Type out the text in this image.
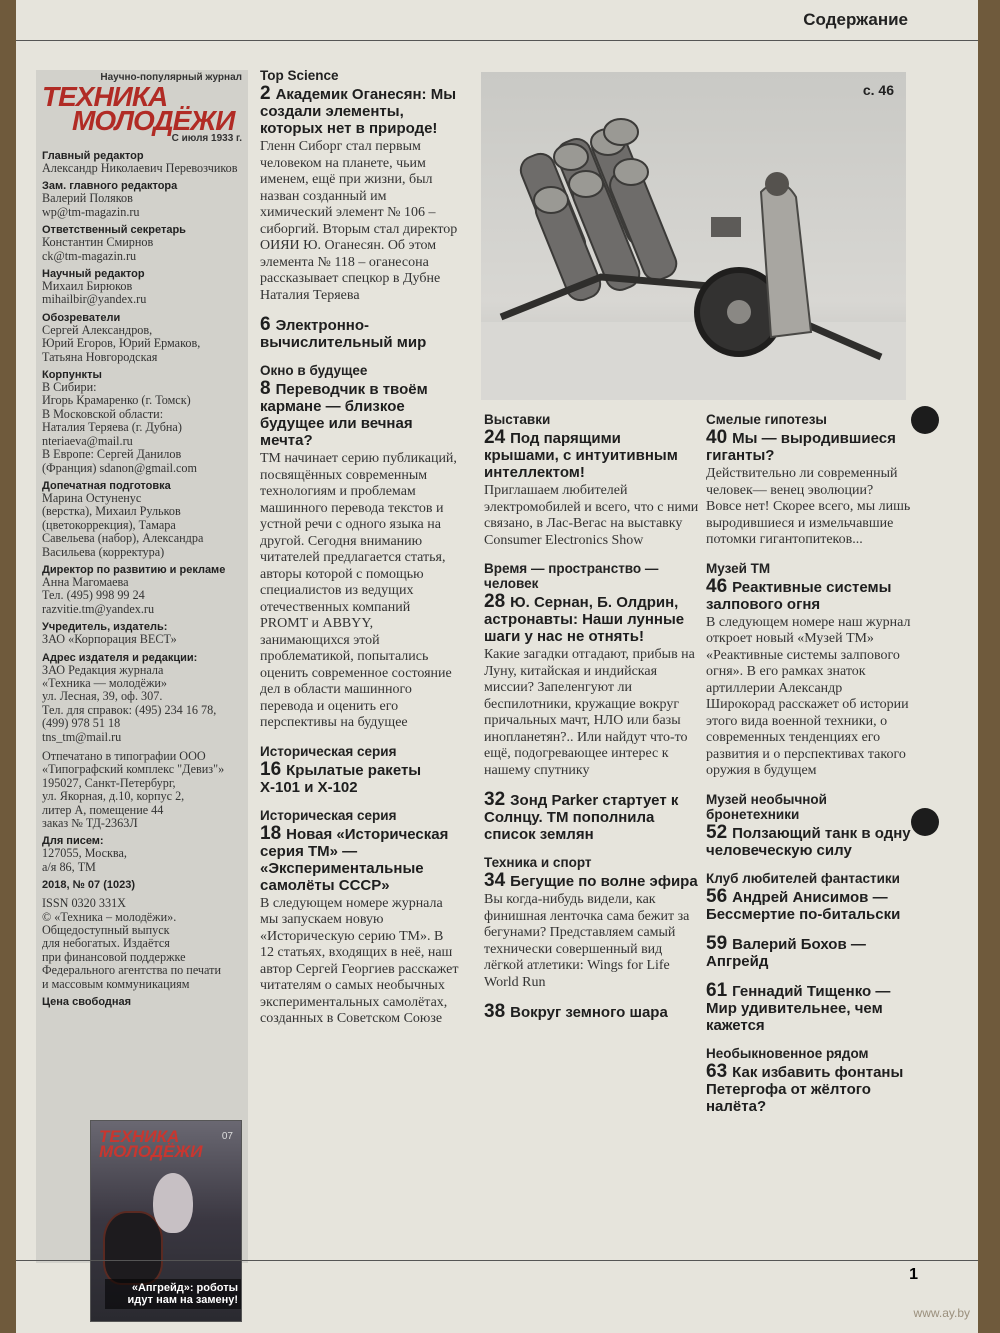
Содержание
Научно-популярный журнал
ТЕХНИКА
МОЛОДЁЖИ
С июля 1933 г.
Главный редактор
Александр Николаевич Перевозчиков
Зам. главного редактора
Валерий Поляков
wp@tm-magazin.ru
Ответственный секретарь
Константин Смирнов
ck@tm-magazin.ru
Научный редактор
Михаил Бирюков
mihailbir@yandex.ru
Обозреватели
Сергей Александров,
Юрий Егоров, Юрий Ермаков,
Татьяна Новгородская
Корпункты
В Сибири:
Игорь Крамаренко (г. Томск)
В Московской области:
Наталия Теряева (г. Дубна)
nteriaeva@mail.ru
В Европе: Сергей Данилов
(Франция) sdanon@gmail.com
Допечатная подготовка
Марина Остуненус
(верстка), Михаил Рульков
(цветокоррекция), Тамара
Савельева (набор), Александра
Васильева (корректура)
Директор по развитию и рекламе
Анна Магомаева
Тел. (495) 998 99 24
razvitie.tm@yandex.ru
Учредитель, издатель:
ЗАО «Корпорация ВЕСТ»
Адрес издателя и редакции:
ЗАО Редакция журнала
«Техника — молодёжи»
ул. Лесная, 39, оф. 307.
Тел. для справок: (495) 234 16 78,
(499) 978 51 18
tns_tm@mail.ru
Отпечатано в типографии ООО
«Типографский комплекс "Девиз"»
195027, Санкт-Петербург,
ул. Якорная, д.10, корпус 2,
литер А, помещение 44
заказ № ТД-2363Л
Для писем:
127055, Москва,
а/я 86, ТМ
2018, № 07 (1023)
ISSN 0320 331X
© «Техника – молодёжи».
Общедоступный выпуск
для небогатых. Издаётся
при финансовой поддержке
Федерального агентства по печати
и массовым коммуникациям
Цена свободная
ТЕХНИКА МОЛОДЁЖИ
07
«Апгрейд»: роботы идут нам на замену!
с. 46
Top Science
2 Академик Оганесян: Мы создали элементы, которых нет в природе!
Гленн Сиборг стал первым человеком на планете, чьим именем, ещё при жизни, был назван созданный им химический элемент № 106 – сиборгий. Вторым стал директор ОИЯИ Ю. Оганесян. Об этом элемента № 118 – оганесона рассказывает спецкор в Дубне Наталия Теряева
6 Электронно-вычислительный мир
Окно в будущее
8 Переводчик в твоём кармане — близкое будущее или вечная мечта?
ТМ начинает серию публикаций, посвящённых современным технологиям и проблемам машинного перевода текстов и устной речи с одного языка на другой. Сегодня вниманию читателей предлагается статья, авторы которой с помощью специалистов из ведущих отечественных компаний PROMT и ABBYY, занимающихся этой проблематикой, попытались оценить современное состояние дел в области машинного перевода и оценить его перспективы на будущее
Историческая серия
16 Крылатые ракеты Х-101 и Х-102
Историческая серия
18 Новая «Историческая серия ТМ» — «Экспериментальные самолёты СССР»
В следующем номере журнала мы запускаем новую «Историческую серию ТМ». В 12 статьях, входящих в неё, наш автор Сергей Георгиев расскажет читателям о самых необычных экспериментальных самолётах, созданных в Советском Союзе
Выставки
24 Под парящими крышами, с интуитивным интеллектом!
Приглашаем любителей электромобилей и всего, что с ними связано, в Лас-Вегас на выставку Consumer Electronics Show
Время — пространство — человек
28 Ю. Сернан, Б. Олдрин, астронавты: Наши лунные шаги у нас не отнять!
Какие загадки отгадают, прибыв на Луну, китайская и индийская миссии? Запеленгуют ли беспилотники, кружащие вокруг причальных мачт, НЛО или базы инопланетян?.. Или найдут что-то ещё, подогревающее интерес к нашему спутнику
32 Зонд Parker стартует к Солнцу. ТМ пополнила список землян
Техника и спорт
34 Бегущие по волне эфира
Вы когда-нибудь видели, как финишная ленточка сама бежит за бегунами? Представляем самый технически совершенный вид лёгкой атлетики: Wings for Life World Run
38 Вокруг земного шара
Смелые гипотезы
40 Мы — выродившиеся гиганты?
Действительно ли современный человек— венец эволюции? Вовсе нет! Скорее всего, мы лишь выродившиеся и измельчавшие потомки гигантопитеков...
Музей ТМ
46 Реактивные системы залпового огня
В следующем номере наш журнал откроет новый «Музей ТМ» «Реактивные системы залпового огня». В его рамках знаток артиллерии Александр Широкорад расскажет об истории этого вида военной техники, о современных тенденциях его развития и о перспективах такого оружия в будущем
Музей необычной бронетехники
52 Ползающий танк в одну человеческую силу
Клуб любителей фантастики
56 Андрей Анисимов — Бессмертие по-битальски
59 Валерий Бохов — Апгрейд
61 Геннадий Тищенко — Мир удивительнее, чем кажется
Необыкновенное рядом
63 Как избавить фонтаны Петергофа от жёлтого налёта?
1
www.ay.by
